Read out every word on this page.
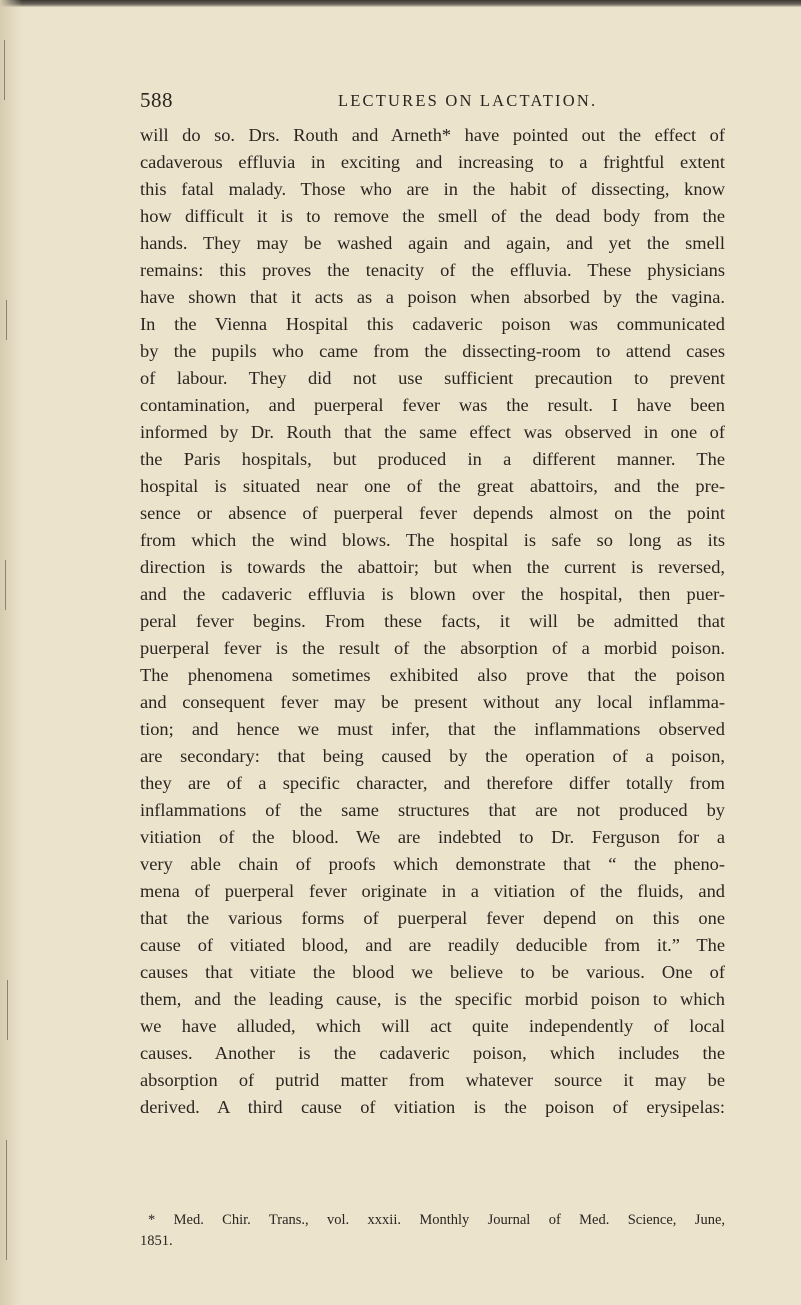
588	LECTURES ON LACTATION.
will do so. Drs. Routh and Arneth* have pointed out the effect of
cadaverous effluvia in exciting and increasing to a frightful extent
this fatal malady. Those who are in the habit of dissecting, know
how difficult it is to remove the smell of the dead body from the
hands. They may be washed again and again, and yet the smell
remains: this proves the tenacity of the effluvia. These physicians
have shown that it acts as a poison when absorbed by the vagina.
In the Vienna Hospital this cadaveric poison was communicated
by the pupils who came from the dissecting-room to attend cases
of labour. They did not use sufficient precaution to prevent
contamination, and puerperal fever was the result. I have been
informed by Dr. Routh that the same effect was observed in one of
the Paris hospitals, but produced in a different manner. The
hospital is situated near one of the great abattoirs, and the pre-
sence or absence of puerperal fever depends almost on the point
from which the wind blows. The hospital is safe so long as its
direction is towards the abattoir; but when the current is reversed,
and the cadaveric effluvia is blown over the hospital, then puer-
peral fever begins. From these facts, it will be admitted that
puerperal fever is the result of the absorption of a morbid poison.
The phenomena sometimes exhibited also prove that the poison
and consequent fever may be present without any local inflamma-
tion; and hence we must infer, that the inflammations observed
are secondary: that being caused by the operation of a poison,
they are of a specific character, and therefore differ totally from
inflammations of the same structures that are not produced by
vitiation of the blood. We are indebted to Dr. Ferguson for a
very able chain of proofs which demonstrate that “ the pheno-
mena of puerperal fever originate in a vitiation of the fluids, and
that the various forms of puerperal fever depend on this one
cause of vitiated blood, and are readily deducible from it.” The
causes that vitiate the blood we believe to be various. One of
them, and the leading cause, is the specific morbid poison to which
we have alluded, which will act quite independently of local
causes. Another is the cadaveric poison, which includes the
absorption of putrid matter from whatever source it may be
derived. A third cause of vitiation is the poison of erysipelas:
* Med. Chir. Trans., vol. xxxii. Monthly Journal of Med. Science, June,
1851.
